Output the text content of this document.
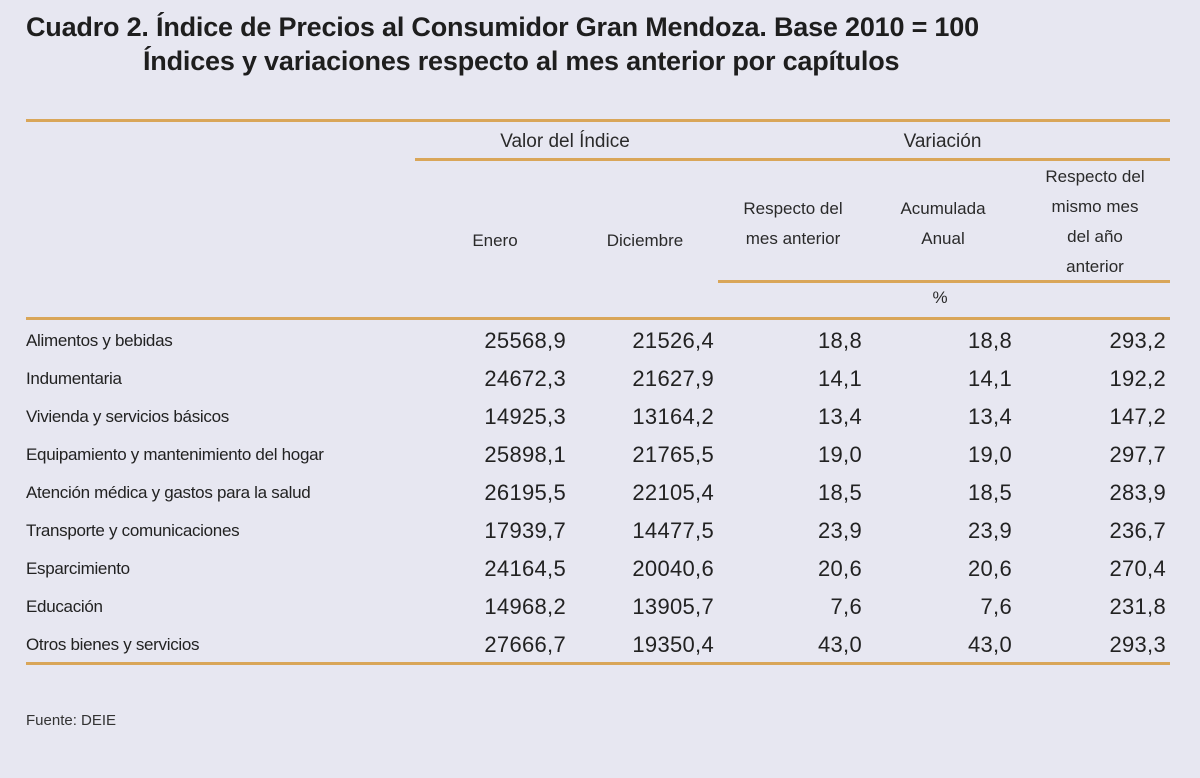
Cuadro 2. Índice de Precios al Consumidor Gran Mendoza. Base 2010 = 100
Índices y variaciones respecto al mes anterior por capítulos
Valor del Índice	Variación
Enero	Diciembre
Respecto del
mes anterior
Acumulada
Anual
Respecto del
mismo mes
del año
anterior
%
Alimentos y bebidas	25568,9	21526,4	18,8	18,8	293,2
Indumentaria	24672,3	21627,9	14,1	14,1	192,2
Vivienda y servicios básicos	14925,3	13164,2	13,4	13,4	147,2
Equipamiento y mantenimiento del hogar	25898,1	21765,5	19,0	19,0	297,7
Atención médica y gastos para la salud	26195,5	22105,4	18,5	18,5	283,9
Transporte y comunicaciones	17939,7	14477,5	23,9	23,9	236,7
Esparcimiento	24164,5	20040,6	20,6	20,6	270,4
Educación	14968,2	13905,7	7,6	7,6	231,8
Otros bienes y servicios	27666,7	19350,4	43,0	43,0	293,3
Fuente: DEIE
